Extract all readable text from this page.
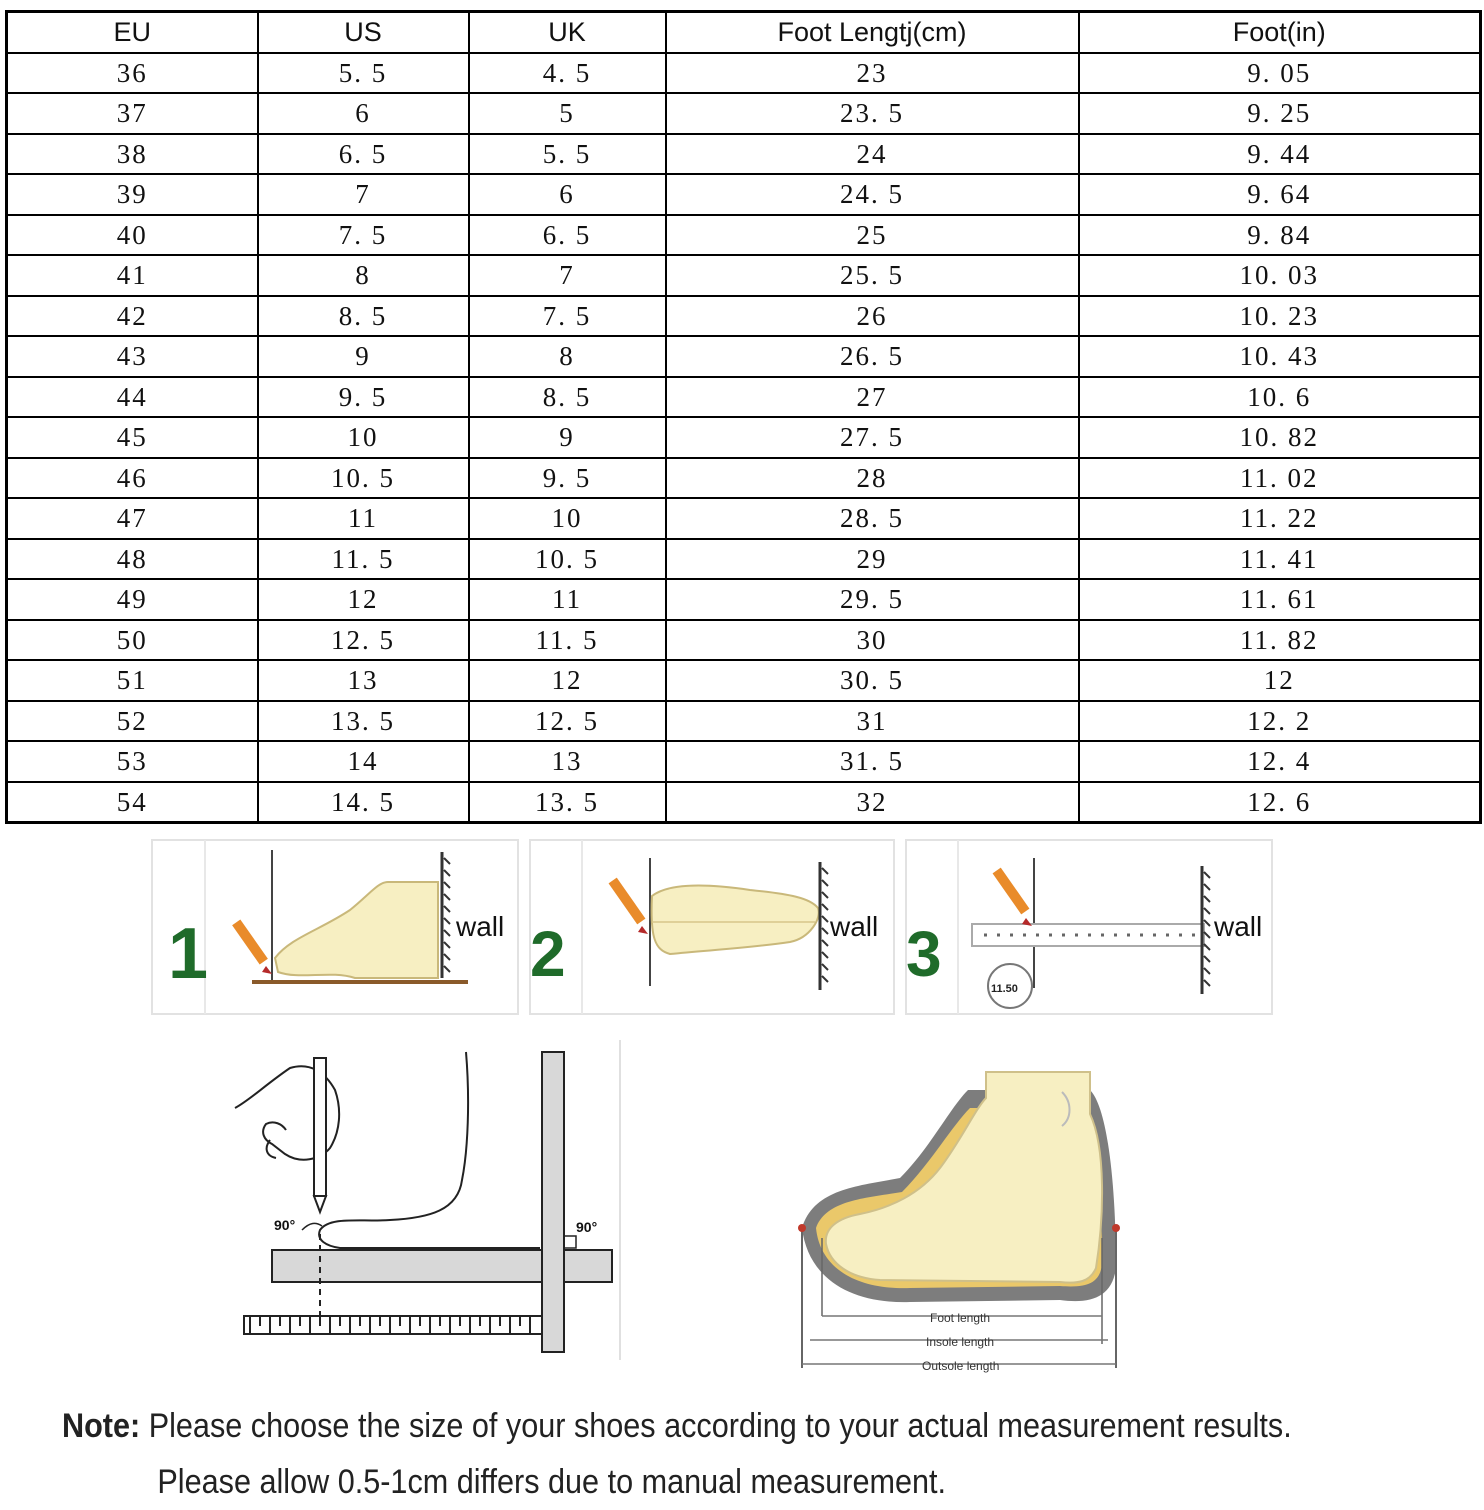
EU	US	UK	Foot Lengtj(cm)	Foot(in)
36	5. 5	4. 5	23	9. 05
37	6	5	23. 5	9. 25
38	6. 5	5. 5	24	9. 44
39	7	6	24. 5	9. 64
40	7. 5	6. 5	25	9. 84
41	8	7	25. 5	10. 03
42	8. 5	7. 5	26	10. 23
43	9	8	26. 5	10. 43
44	9. 5	8. 5	27	10. 6
45	10	9	27. 5	10. 82
46	10. 5	9. 5	28	11. 02
47	11	10	28. 5	11. 22
48	11. 5	10. 5	29	11. 41
49	12	11	29. 5	11. 61
50	12. 5	11. 5	30	11. 82
51	13	12	30. 5	12
52	13. 5	12. 5	31	12. 2
53	14	13	31. 5	12. 4
54	14. 5	13. 5	32	12. 6
1	wall 2	wall 3	11.50
wall
90°	90°
Foot length
Insole length
Outsole length
Note: Please choose the size of your shoes according to your actual measurement results.
Please allow 0.5-1cm differs due to manual measurement.
